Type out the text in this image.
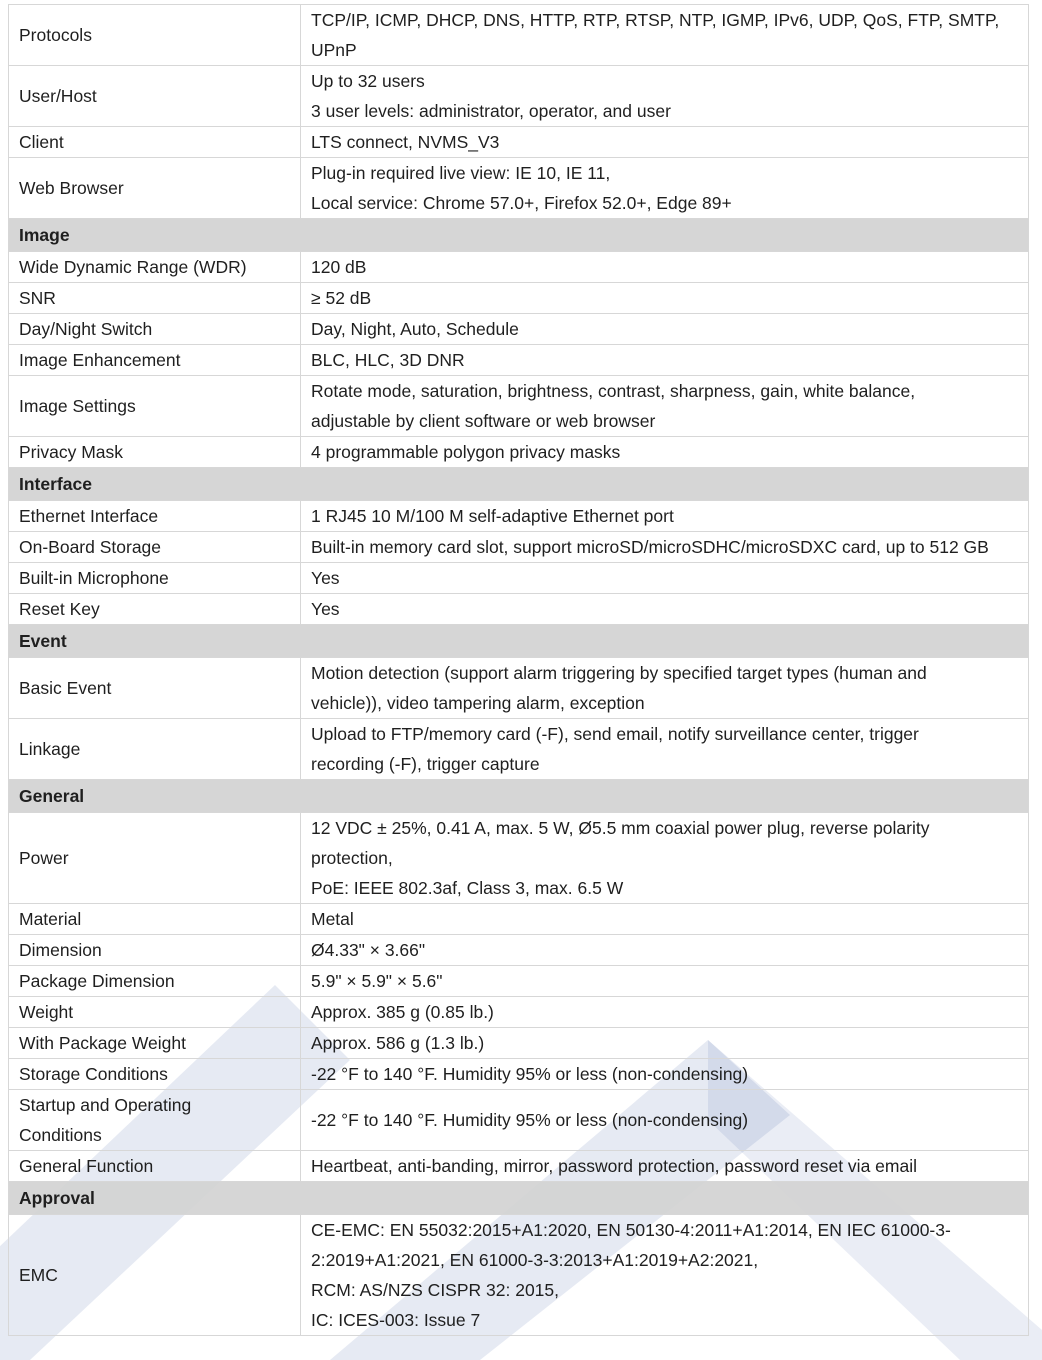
Protocols	TCP/IP, ICMP, DHCP, DNS, HTTP, RTP, RTSP, NTP, IGMP, IPv6, UDP, QoS, FTP, SMTP,
UPnP

User/Host	Up to 32 users
3 user levels: administrator, operator, and user

Client	LTS connect, NVMS_V3

Web Browser	Plug-in required live view: IE 10, IE 11,
Local service: Chrome 57.0+, Firefox 52.0+, Edge 89+

Image	
Wide Dynamic Range (WDR)	120 dB

SNR	≥ 52 dB

Day/Night Switch	Day, Night, Auto, Schedule

Image Enhancement	BLC, HLC, 3D DNR

Image Settings	Rotate mode, saturation, brightness, contrast, sharpness, gain, white balance,
adjustable by client software or web browser

Privacy Mask	4 programmable polygon privacy masks

Interface	
Ethernet Interface	1 RJ45 10 M/100 M self-adaptive Ethernet port

On-Board Storage	Built-in memory card slot, support microSD/microSDHC/microSDXC card, up to 512 GB

Built-in Microphone	Yes

Reset Key	Yes

Event	
Basic Event	Motion detection (support alarm triggering by specified target types (human and
vehicle)), video tampering alarm, exception

Linkage	Upload to FTP/memory card (-F), send email, notify surveillance center, trigger
recording (-F), trigger capture

General	
Power	12 VDC ± 25%, 0.41 A, max. 5 W, Ø5.5 mm coaxial power plug, reverse polarity
protection,
PoE: IEEE 802.3af, Class 3, max. 6.5 W

Material	Metal

Dimension	Ø4.33" × 3.66"

Package Dimension	5.9" × 5.9" × 5.6"

Weight	Approx. 385 g (0.85 lb.)

With Package Weight	Approx. 586 g (1.3 lb.)

Storage Conditions	-22 °F to 140 °F. Humidity 95% or less (non-condensing)

Startup and Operating
Conditions	-22 °F to 140 °F. Humidity 95% or less (non-condensing)

General Function	Heartbeat, anti-banding, mirror, password protection, password reset via email

Approval	
EMC	CE-EMC: EN 55032:2015+A1:2020, EN 50130-4:2011+A1:2014, EN IEC 61000-3-
2:2019+A1:2021, EN 61000-3-3:2013+A1:2019+A2:2021,
RCM: AS/NZS CISPR 32: 2015,
IC: ICES-003: Issue 7
